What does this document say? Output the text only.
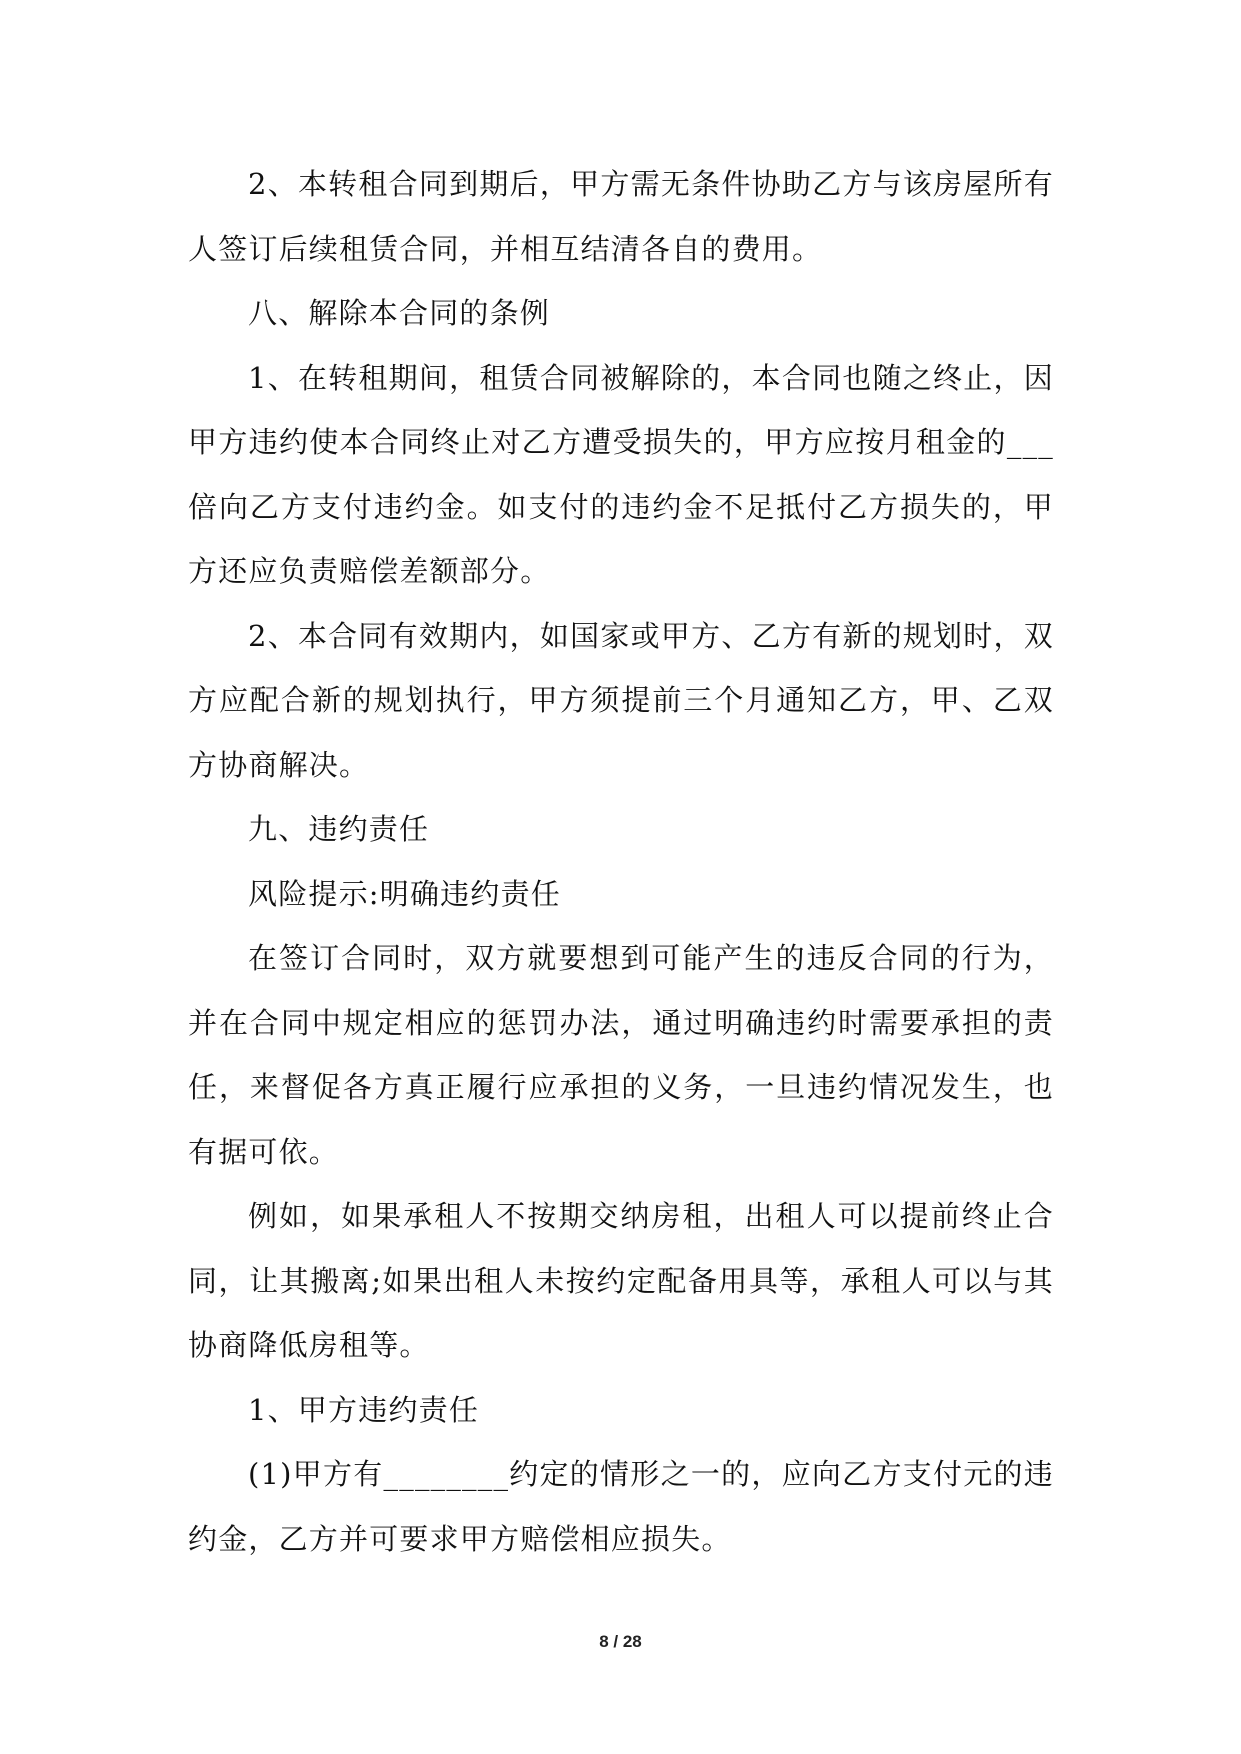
2、本转租合同到期后，甲方需无条件协助乙方与该房屋所有人签订后续租赁合同，并相互结清各自的费用。

八、解除本合同的条例

1、在转租期间，租赁合同被解除的，本合同也随之终止，因甲方违约使本合同终止对乙方遭受损失的，甲方应按月租金的___倍向乙方支付违约金。如支付的违约金不足抵付乙方损失的，甲方还应负责赔偿差额部分。

2、本合同有效期内，如国家或甲方、乙方有新的规划时，双方应配合新的规划执行，甲方须提前三个月通知乙方，甲、乙双方协商解决。

九、违约责任

风险提示:明确违约责任

在签订合同时，双方就要想到可能产生的违反合同的行为，并在合同中规定相应的惩罚办法，通过明确违约时需要承担的责任，来督促各方真正履行应承担的义务，一旦违约情况发生，也有据可依。

例如，如果承租人不按期交纳房租，出租人可以提前终止合同，让其搬离;如果出租人未按约定配备用具等，承租人可以与其协商降低房租等。

1、甲方违约责任

(1)甲方有________约定的情形之一的，应向乙方支付元的违约金，乙方并可要求甲方赔偿相应损失。

8 / 28
